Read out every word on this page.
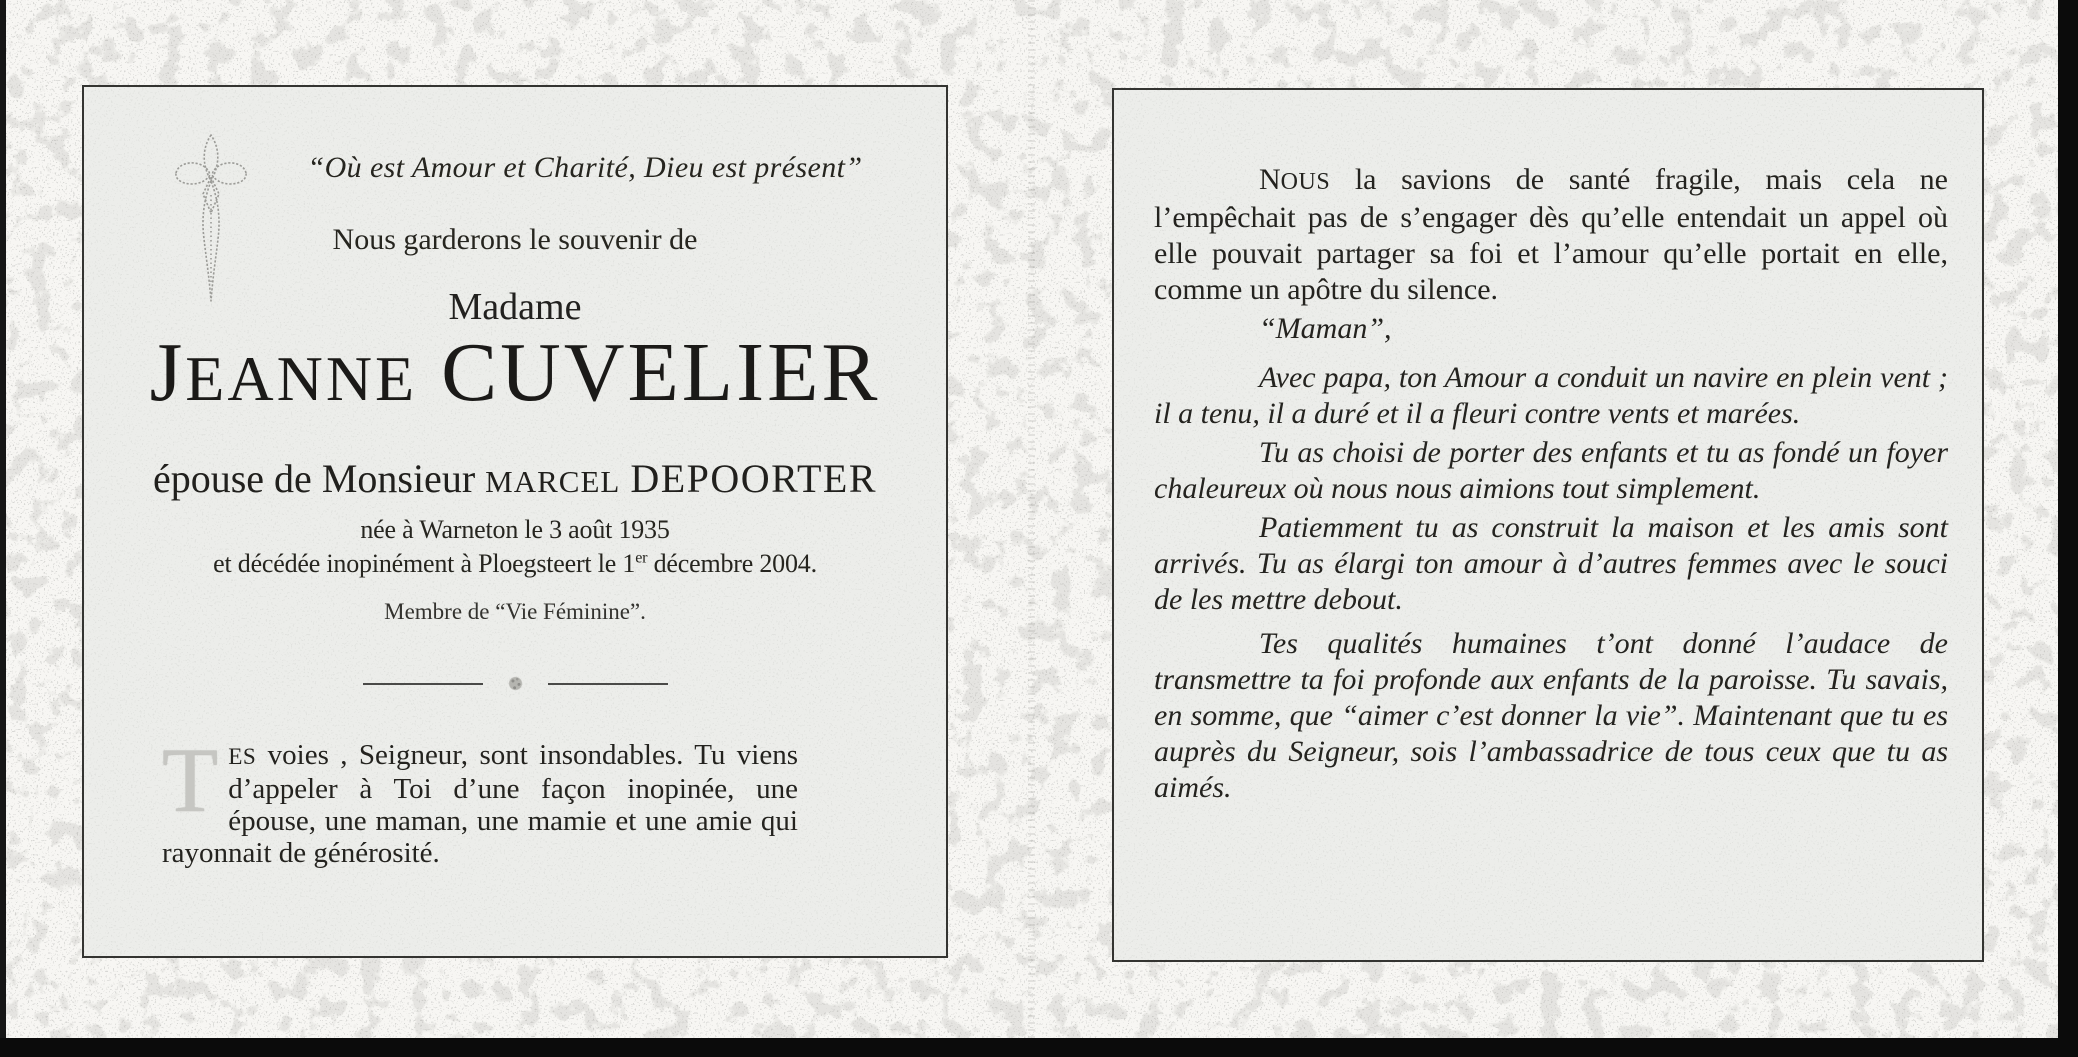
“Où est Amour et Charité, Dieu est présent”
Nous garderons le souvenir de
Madame
JEANNE CUVELIER
épouse de Monsieur MARCEL DEPOORTER
née à Warneton le 3 août 1935
et décédée inopinément à Ploegsteert le 1er décembre 2004.
Membre de “Vie Féminine”.
TES voies , Seigneur, sont insondables. Tu viens d’appeler à Toi d’une façon inopinée, une épouse, une maman, une mamie et une amie qui rayonnait de générosité.

NOUS la savions de santé fragile, mais cela ne l’empêchait pas de s’engager dès qu’elle entendait un appel où elle pouvait partager sa foi et l’amour qu’elle portait en elle, comme un apôtre du silence.

“Maman”,

Avec papa, ton Amour a conduit un navire en plein vent ; il a tenu, il a duré et il a fleuri contre vents et marées.

Tu as choisi de porter des enfants et tu as fondé un foyer chaleureux où nous nous aimions tout simplement.

Patiemment tu as construit la maison et les amis sont arrivés. Tu as élargi ton amour à d’autres femmes avec le souci de les mettre debout.

Tes qualités humaines t’ont donné l’audace de transmettre ta foi profonde aux enfants de la paroisse. Tu savais, en somme, que “aimer c’est donner la vie”. Maintenant que tu es auprès du Seigneur, sois l’ambassadrice de tous ceux que tu as aimés.
